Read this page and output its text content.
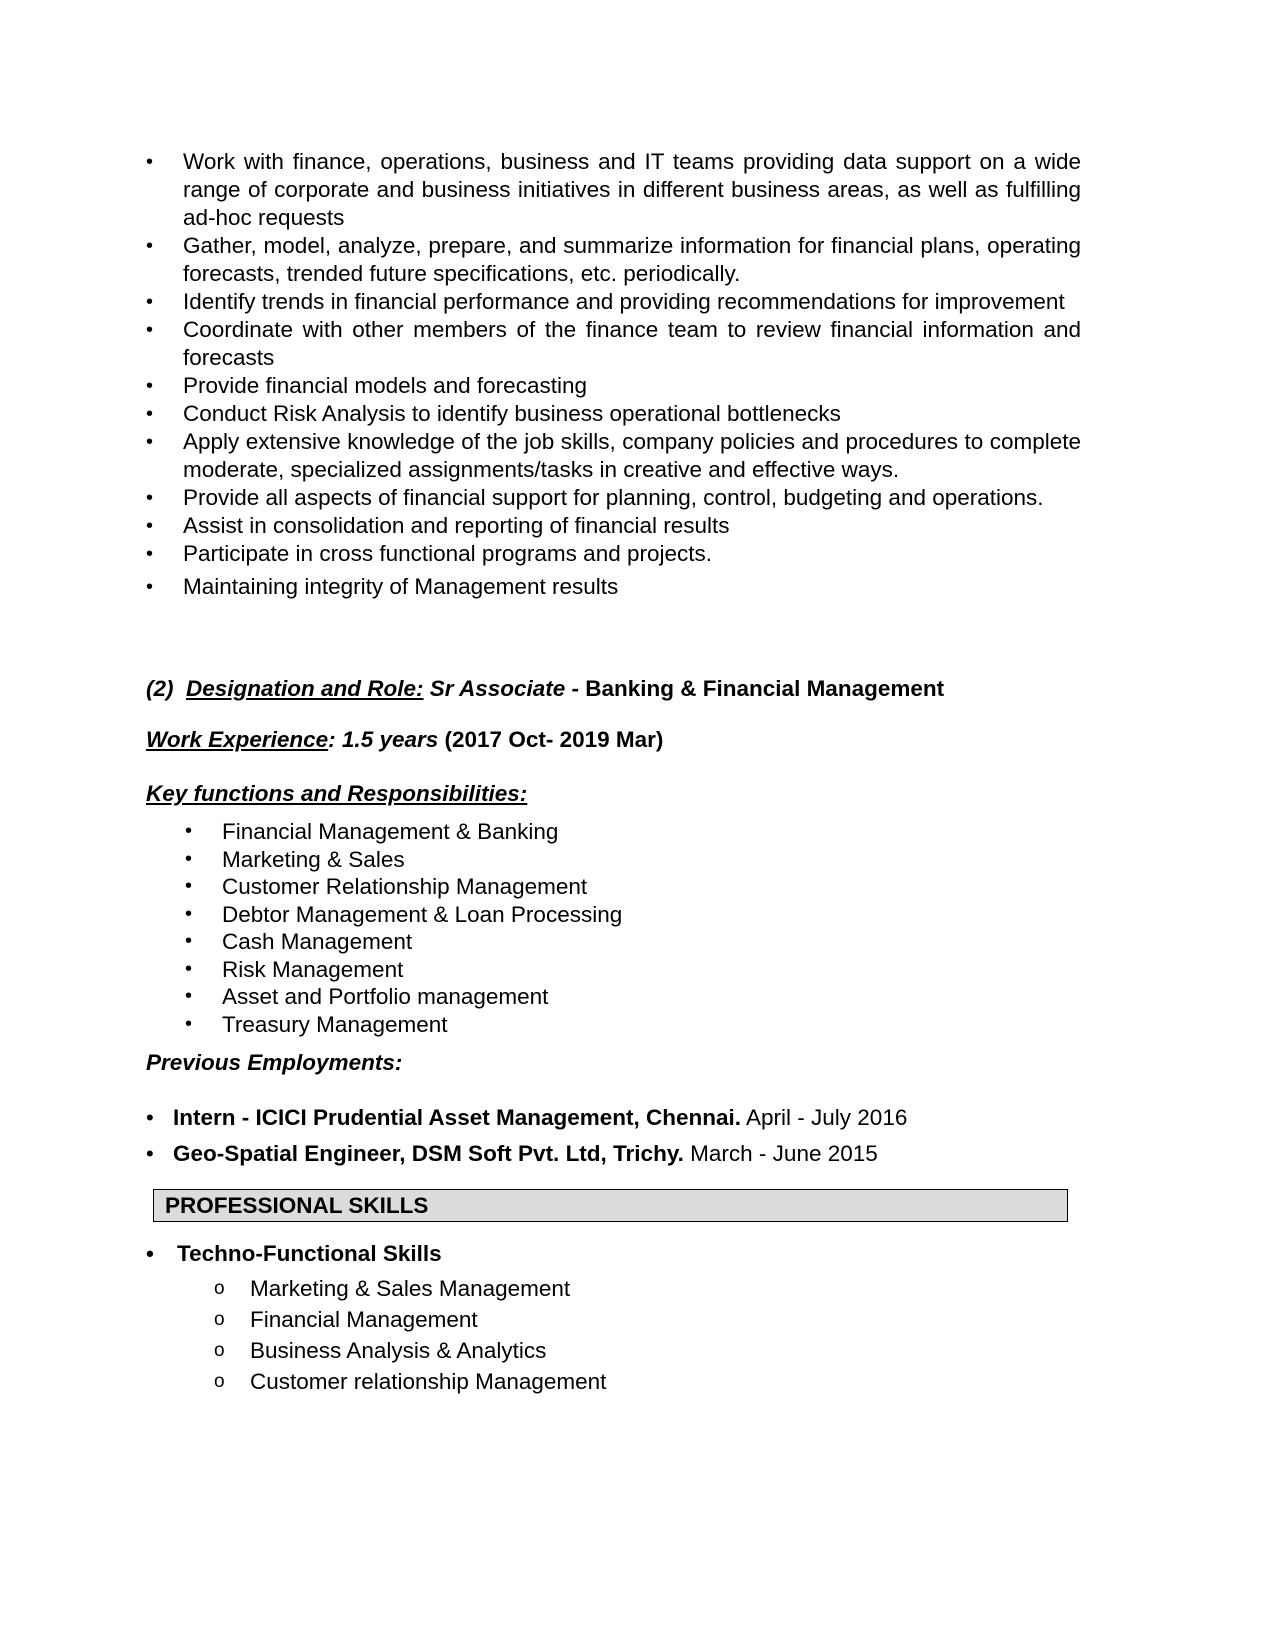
• Work with finance, operations, business and IT teams providing data support on a wide range of corporate and business initiatives in different business areas, as well as fulfilling ad-hoc requests
• Gather, model, analyze, prepare, and summarize information for financial plans, operating forecasts, trended future specifications, etc. periodically.
• Identify trends in financial performance and providing recommendations for improvement
• Coordinate with other members of the finance team to review financial information and forecasts
• Provide financial models and forecasting
• Conduct Risk Analysis to identify business operational bottlenecks
• Apply extensive knowledge of the job skills, company policies and procedures to complete moderate, specialized assignments/tasks in creative and effective ways.
• Provide all aspects of financial support for planning, control, budgeting and operations.
• Assist in consolidation and reporting of financial results
• Participate in cross functional programs and projects.
• Maintaining integrity of Management results
(2) Designation and Role: Sr Associate - Banking & Financial Management
Work Experience: 1.5 years (2017 Oct- 2019 Mar)
Key functions and Responsibilities:
• Financial Management & Banking
• Marketing & Sales
• Customer Relationship Management
• Debtor Management & Loan Processing
• Cash Management
• Risk Management
• Asset and Portfolio management
• Treasury Management
Previous Employments:
• Intern - ICICI Prudential Asset Management, Chennai. April - July 2016
• Geo-Spatial Engineer, DSM Soft Pvt. Ltd, Trichy. March - June 2015
PROFESSIONAL SKILLS
• Techno-Functional Skills
o Marketing & Sales Management
o Financial Management
o Business Analysis & Analytics
o Customer relationship Management
